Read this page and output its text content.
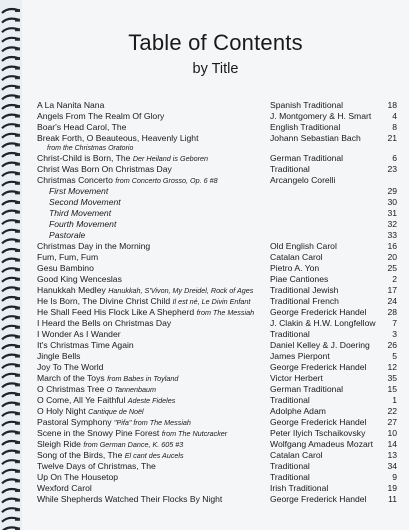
Table of Contents
by Title
A La Nanita Nana	Spanish Traditional	18
Angels From The Realm Of Glory	J. Montgomery & H. Smart 4
Boar's Head Carol, The	English Traditional	8
Break Forth, O Beauteous, Heavenly Light	Johann Sebastian Bach	21
from the Christmas Oratorio
Christ-Child is Born, The Der Heiland is Geboren	German Traditional	6
Christ Was Born On Christmas Day	Traditional	23
Christmas Concerto from Concerto Grosso, Op. 6 #8	Arcangelo Corelli
First Movement	29
Second Movement	30
Third Movement	31
Fourth Movement	32
Pastorale	33
Christmas Day in the Morning	Old English Carol	16
Fum, Fum, Fum	Catalan Carol	20
Gesu Bambino	Pietro A. Yon	25
Good King Wenceslas	Piae Cantiones	2
Hanukkah Medley Hanukkah, S'Vivon, My Dreidel, Rock of Ages Traditional Jewish	17
He Is Born, The Divine Christ Child Il est né, Le Divin Enfant Traditional French	24
He Shall Feed His Flock Like A Shepherd from The Messiah George Frederick Handel 28
I Heard the Bells on Christmas Day	J. Clakin & H.W. Longfellow 7
I Wonder As I Wander	Traditional	3
It's Christmas Time Again	Daniel Kelley & J. Doering 26
Jingle Bells	James Pierpont	5
Joy To The World	George Frederick Handel 12
March of the Toys from Babes in Toyland	Victor Herbert	35
O Christmas Tree O Tannenbaum	German Traditional	15
O Come, All Ye Faithful Adeste Fideles	Traditional	1
O Holy Night Cantique de Noël	Adolphe Adam	22
Pastoral Symphony "Pifa" from The Messiah	George Frederick Handel 27
Scene in the Snowy Pine Forest from The Nutcracker	Peter Ilyich Tschaikovsky	10
Sleigh Ride from German Dance, K. 605 #3	Wolfgang Amadeus Mozart 14
Song of the Birds, The El cant des Aucels	Catalan Carol	13
Twelve Days of Christmas, The	Traditional	34
Up On The Housetop	Traditional	9
Wexford Carol	Irish Traditional	19
While Shepherds Watched Their Flocks By Night	George Frederick Handel	11
